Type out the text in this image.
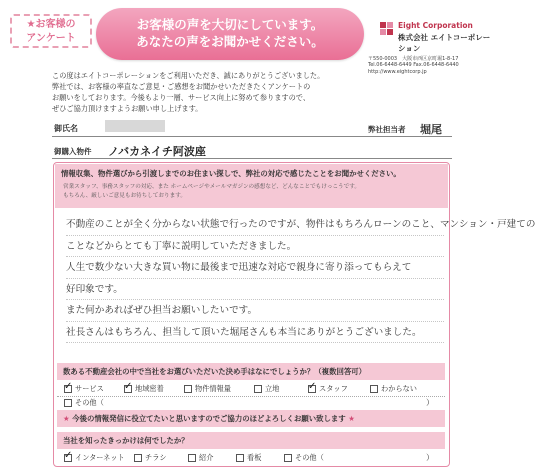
★お客様の
アンケート
お客様の声を大切にしています。
あなたの声をお聞かせください。
Eight Corporation
株式会社 エイトコーポレーション
〒550-0003　大阪市西区京町堀1-8-17
Tel.06-6448-6449 Fax.06-6448-6440
http://www.eightcorp.jp
この度はエイトコーポレーションをご利用いただき、誠にありがとうございました。
弊社では、お客様の率直なご意見・ご感想をお聞かせいただきたくアンケートの
お願いをしております。今後もより一層、サービス向上に努めて参りますので、
ぜひご協力頂けますようお願い申し上げます。
御氏名	弊社担当者 堀尾
御購入物件 ノバカネイチ阿波座
情報収集、物件選びから引渡しまでのお住まい探しで、弊社の対応で感じたことをお聞かせください。
営業スタッフ、事務スタッフの対応、また ホームページやメールマガジンの感想など、どんなことでもけっこうです。
もちろん、厳しいご意見もお待ちしております。
不動産のことが全く分からない状態で行ったのですが、物件はもちろんローンのこと、マンション・戸建ての
ことなどからとても丁寧に説明していただきました。
人生で数少ない大きな買い物に最後まで迅速な対応で親身に寄り添ってもらえて
好印象です。
また何かあればぜひ担当お願いしたいです。
社長さんはもちろん、担当して頂いた堀尾さんも本当にありがとうございました。
数ある不動産会社の中で当社をお選びいただいた決め手はなにでしょうか？（複数回答可）
✓
サービス ✓	地域密着	物件情報量	立地 ✓	スタッフ	わからない
その他（	）
★ 今後の情報発信に役立てたいと思いますのでご協力のほどよろしくお願い致します ★
当社を知ったきっかけは何でしたか？
✓
インターネット	チラシ	紹介	看板	その他（	）
